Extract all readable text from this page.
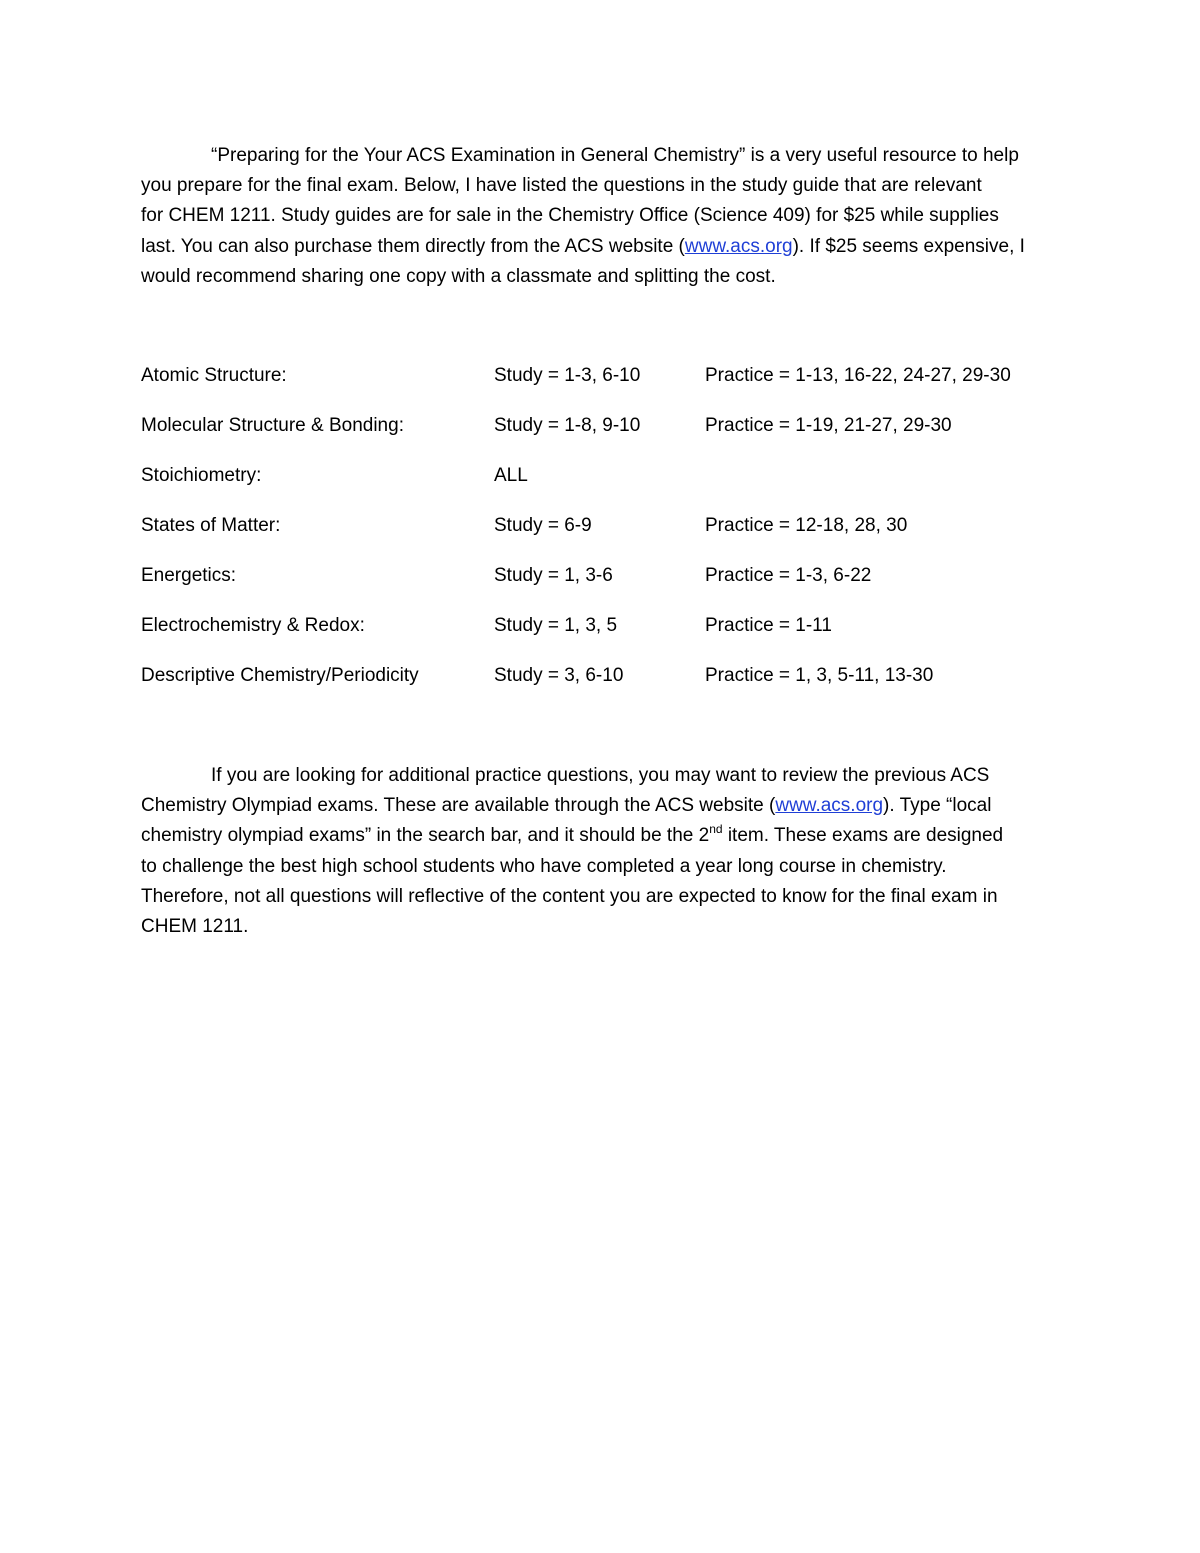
“Preparing for the Your ACS Examination in General Chemistry” is a very useful resource to help
you prepare for the final exam. Below, I have listed the questions in the study guide that are relevant
for CHEM 1211. Study guides are for sale in the Chemistry Office (Science 409) for $25 while supplies
last. You can also purchase them directly from the ACS website (www.acs.org). If $25 seems expensive, I
would recommend sharing one copy with a classmate and splitting the cost.

Atomic Structure:	Study = 1-3, 6-10	Practice = 1-13, 16-22, 24-27, 29-30
Molecular Structure & Bonding:	Study = 1-8, 9-10	Practice = 1-19, 21-27, 29-30
Stoichiometry:	ALL
States of Matter:	Study = 6-9	Practice = 12-18, 28, 30
Energetics:	Study = 1, 3-6	Practice = 1-3, 6-22
Electrochemistry & Redox:	Study = 1, 3, 5	Practice = 1-11
Descriptive Chemistry/Periodicity	Study = 3, 6-10	Practice = 1, 3, 5-11, 13-30

If you are looking for additional practice questions, you may want to review the previous ACS
Chemistry Olympiad exams. These are available through the ACS website (www.acs.org). Type “local
chemistry olympiad exams” in the search bar, and it should be the 2nd item. These exams are designed
to challenge the best high school students who have completed a year long course in chemistry.
Therefore, not all questions will reflective of the content you are expected to know for the final exam in
CHEM 1211.
